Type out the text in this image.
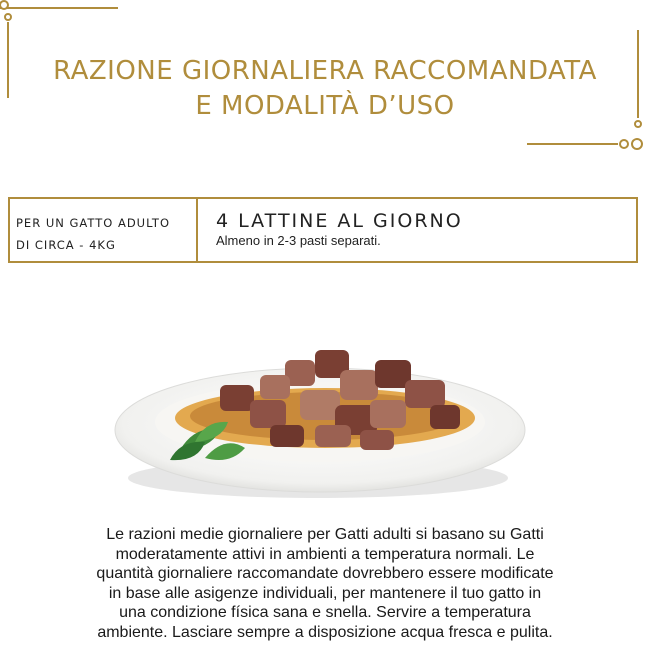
RAZIONE GIORNALIERA RACCOMANDATA
E MODALITÀ D’USO
PER UN GATTO ADULTO
DI CIRCA - 4KG
4 LATTINE AL GIORNO
Almeno in 2-3 pasti separati.
Le razioni medie giornaliere per Gatti adulti si basano su Gatti
moderatamente attivi in ambienti a temperatura normali. Le
quantità giornaliere raccomandate dovrebbero essere modificate
in base alle asigenze individuali, per mantenere il tuo gatto in
una condizione física sana e snella. Servire a temperatura
ambiente. Lasciare sempre a disposizione acqua fresca e pulita.
